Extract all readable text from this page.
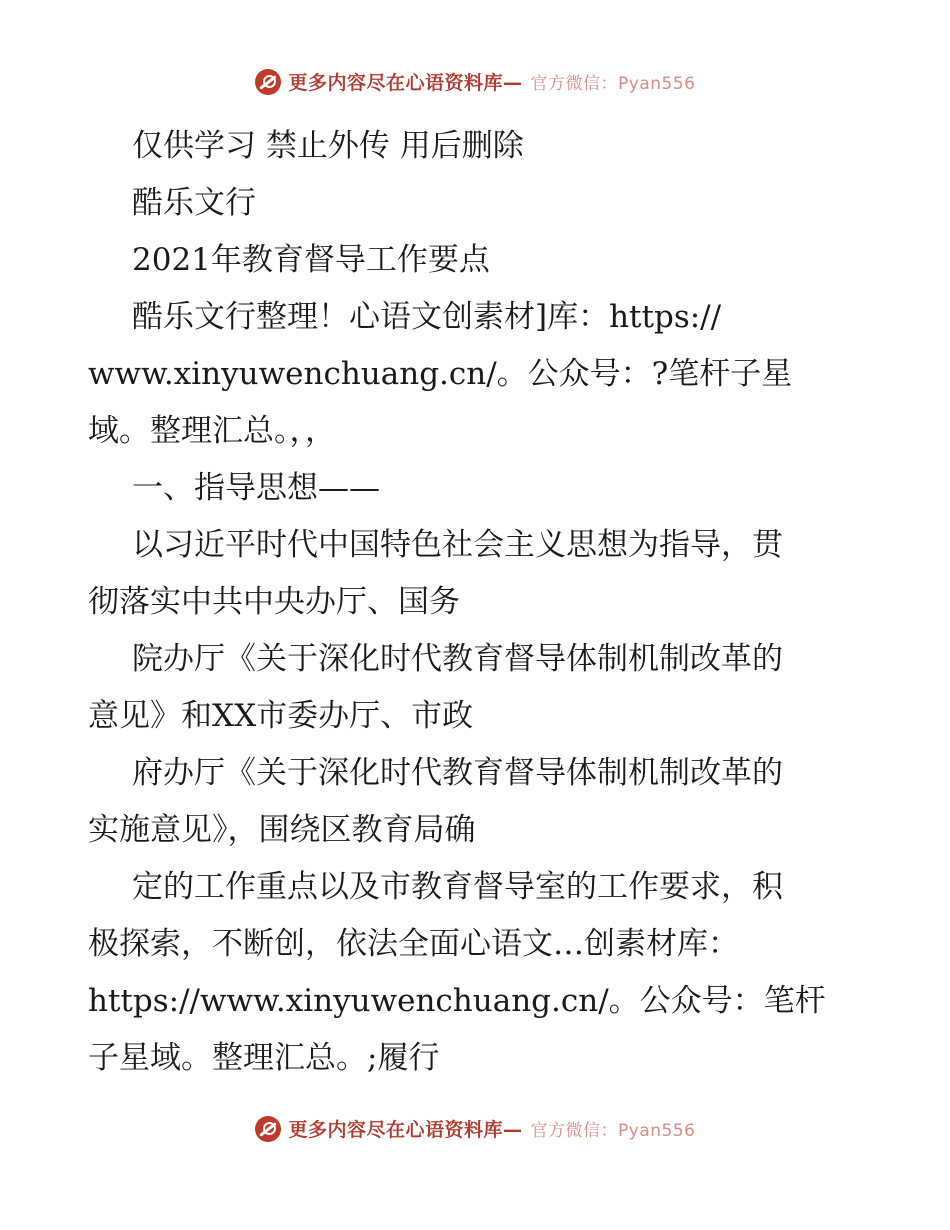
更多内容尽在心语资料库— 官方微信：Pyan556
仅供学习 禁止外传 用后删除
酷乐文行
2021年教育督导工作要点
酷乐文行整理！心语文创素材]库：https://
www.xinyuwenchuang.cn/。公众号：?笔杆子星
域。整理汇总。，，
一、指导思想——
以习近平时代中国特色社会主义思想为指导，贯
彻落实中共中央办厅、国务
院办厅《关于深化时代教育督导体制机制改革的
意见》和XX市委办厅、市政
府办厅《关于深化时代教育督导体制机制改革的
实施意见》，围绕区教育局确
定的工作重点以及市教育督导室的工作要求，积
极探索，不断创，依法全面心语文…创素材库：
https://www.xinyuwenchuang.cn/。公众号：笔杆
子星域。整理汇总。;履行
更多内容尽在心语资料库— 官方微信：Pyan556
